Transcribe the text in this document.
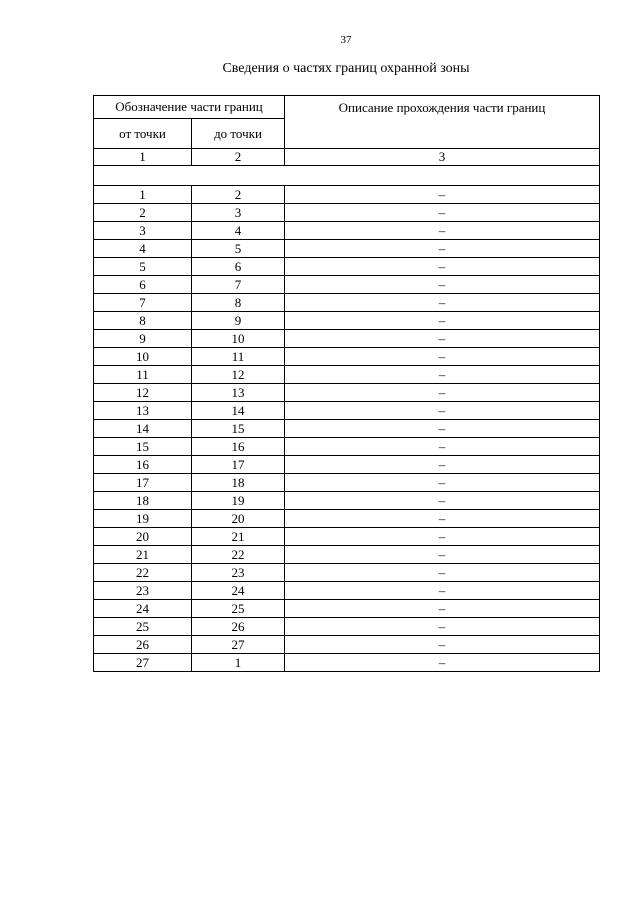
37
Сведения о частях границ охранной зоны
Обозначение части границ		Описание прохождения части границ
от точки	до точки	
1	2	3

1	2	–
2	3	–
3	4	–
4	5	–
5	6	–
6	7	–
7	8	–
8	9	–
9	10	–
10	11	–
11	12	–
12	13	–
13	14	–
14	15	–
15	16	–
16	17	–
17	18	–
18	19	–
19	20	–
20	21	–
21	22	–
22	23	–
23	24	–
24	25	–
25	26	–
26	27	–
27	1	–
